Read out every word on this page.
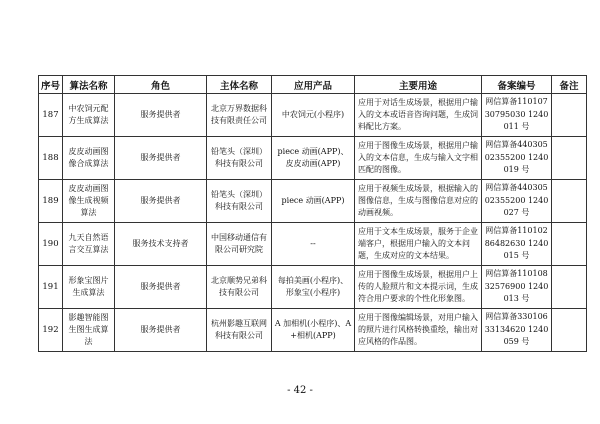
序号	算法名称	角色	主体名称	应用产品	主要用途	备案编号	备注
187	中农饲元配方生成算法	服务提供者	北京万界数据科技有限责任公司	中农饲元(小程序)	应用于对话生成场景，根据用户输入的文本或语音咨询问题，生成饲料配比方案。	网信算备11010730795030 1240011 号	
188	皮皮动画图像合成算法	服务提供者	铅笔头（深圳）科技有限公司	piece 动画(APP)、皮皮动画(APP)	应用于图像生成场景，根据用户输入的文本信息，生成与输入文字相匹配的图像。	网信算备44030502355200 1240019 号	
189	皮皮动画图像生成视频算法	服务提供者	铅笔头（深圳）科技有限公司	piece 动画(APP)	应用于视频生成场景，根据输入的图像信息，生成与图像信息对应的动画视频。	网信算备44030502355200 1240027 号	
190	九天自然语言交互算法	服务技术支持者	中国移动通信有限公司研究院	--	应用于文本生成场景，服务于企业端客户，根据用户输入的文本问题，生成对应的文本结果。	网信算备11010286482630 1240015 号	
191	形象宝图片生成算法	服务提供者	北京顺势兄弟科技有限公司	每拍美画(小程序)、形象宝(小程序)	应用于图像生成场景，根据用户上传的人脸照片和文本提示词，生成符合用户要求的个性化形象图。	网信算备11010832576900 1240013 号	
192	影趣智能图生图生成算法	服务提供者	杭州影趣互联网科技有限公司	A 加相机(小程序)、A+相机(APP)	应用于图像编辑场景，对用户输入的照片进行风格转换重绘，输出对应风格的作品图。	网信算备33010633134620 1240059 号	
- 42 -
